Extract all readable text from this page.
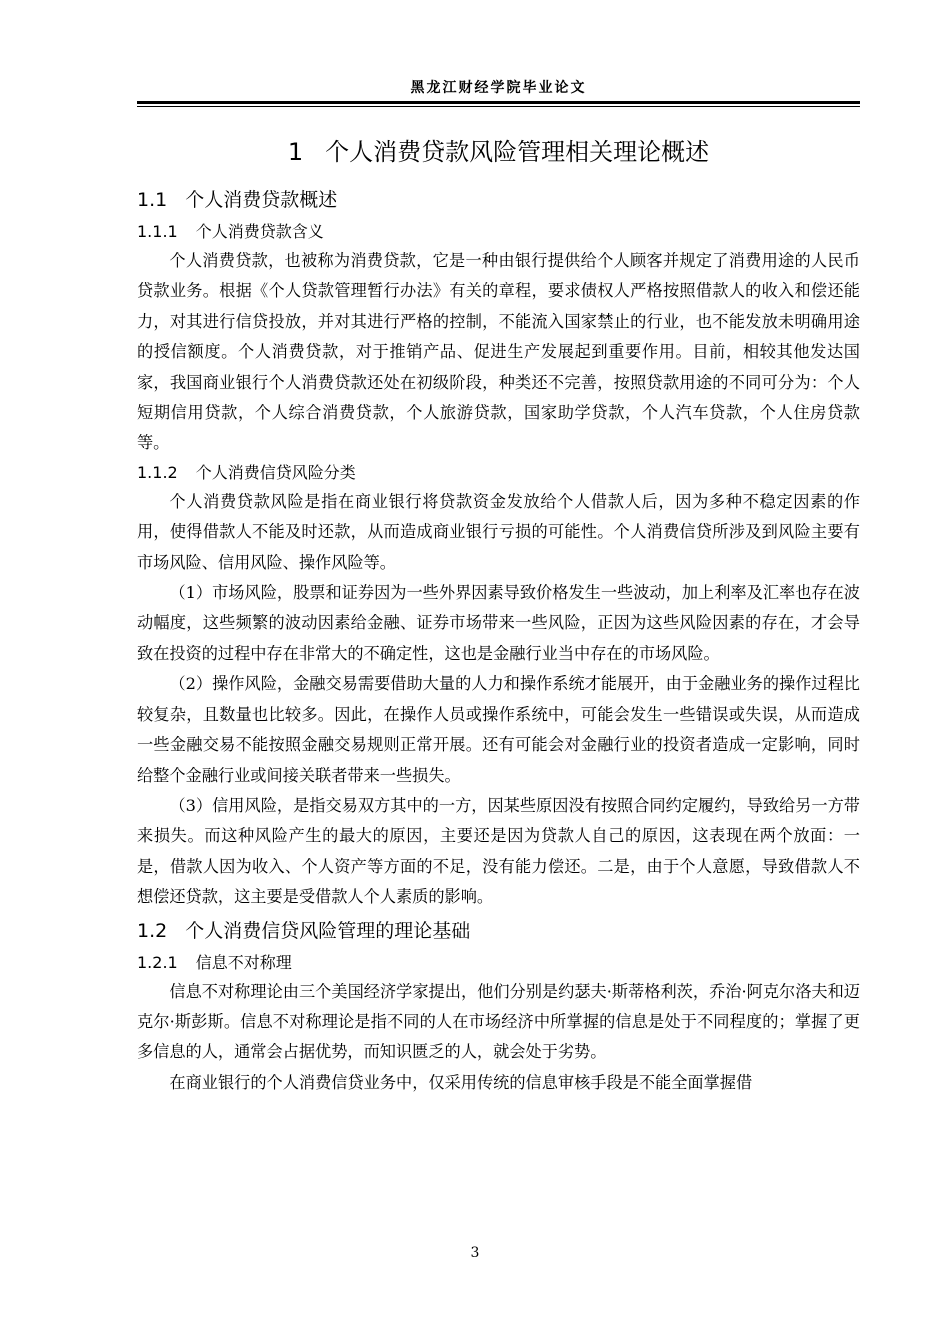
黑龙江财经学院毕业论文
1 个人消费贷款风险管理相关理论概述
1.1 个人消费贷款概述
1.1.1 个人消费贷款含义

个人消费贷款，也被称为消费贷款，它是一种由银行提供给个人顾客并规定了消费用途的人民币贷款业务。根据《个人贷款管理暂行办法》有关的章程，要求债权人严格按照借款人的收入和偿还能力，对其进行信贷投放，并对其进行严格的控制，不能流入国家禁止的行业，也不能发放未明确用途的授信额度。个人消费贷款，对于推销产品、促进生产发展起到重要作用。目前，相较其他发达国家，我国商业银行个人消费贷款还处在初级阶段，种类还不完善，按照贷款用途的不同可分为：个人短期信用贷款，个人综合消费贷款，个人旅游贷款，国家助学贷款，个人汽车贷款，个人住房贷款等。

1.1.2 个人消费信贷风险分类

个人消费贷款风险是指在商业银行将贷款资金发放给个人借款人后，因为多种不稳定因素的作用，使得借款人不能及时还款，从而造成商业银行亏损的可能性。个人消费信贷所涉及到风险主要有市场风险、信用风险、操作风险等。

（1）市场风险，股票和证券因为一些外界因素导致价格发生一些波动，加上利率及汇率也存在波动幅度，这些频繁的波动因素给金融、证券市场带来一些风险，正因为这些风险因素的存在，才会导致在投资的过程中存在非常大的不确定性，这也是金融行业当中存在的市场风险。

（2）操作风险，金融交易需要借助大量的人力和操作系统才能展开，由于金融业务的操作过程比较复杂，且数量也比较多。因此，在操作人员或操作系统中，可能会发生一些错误或失误，从而造成一些金融交易不能按照金融交易规则正常开展。还有可能会对金融行业的投资者造成一定影响，同时给整个金融行业或间接关联者带来一些损失。

（3）信用风险，是指交易双方其中的一方，因某些原因没有按照合同约定履约，导致给另一方带来损失。而这种风险产生的最大的原因，主要还是因为贷款人自己的原因，这表现在两个放面：一是，借款人因为收入、个人资产等方面的不足，没有能力偿还。二是，由于个人意愿，导致借款人不想偿还贷款，这主要是受借款人个人素质的影响。

1.2 个人消费信贷风险管理的理论基础
1.2.1 信息不对称理

信息不对称理论由三个美国经济学家提出，他们分别是约瑟夫·斯蒂格利茨，乔治·阿克尔洛夫和迈克尔·斯彭斯。信息不对称理论是指不同的人在市场经济中所掌握的信息是处于不同程度的；掌握了更多信息的人，通常会占据优势，而知识匮乏的人，就会处于劣势。

在商业银行的个人消费信贷业务中，仅采用传统的信息审核手段是不能全面掌握借

3
